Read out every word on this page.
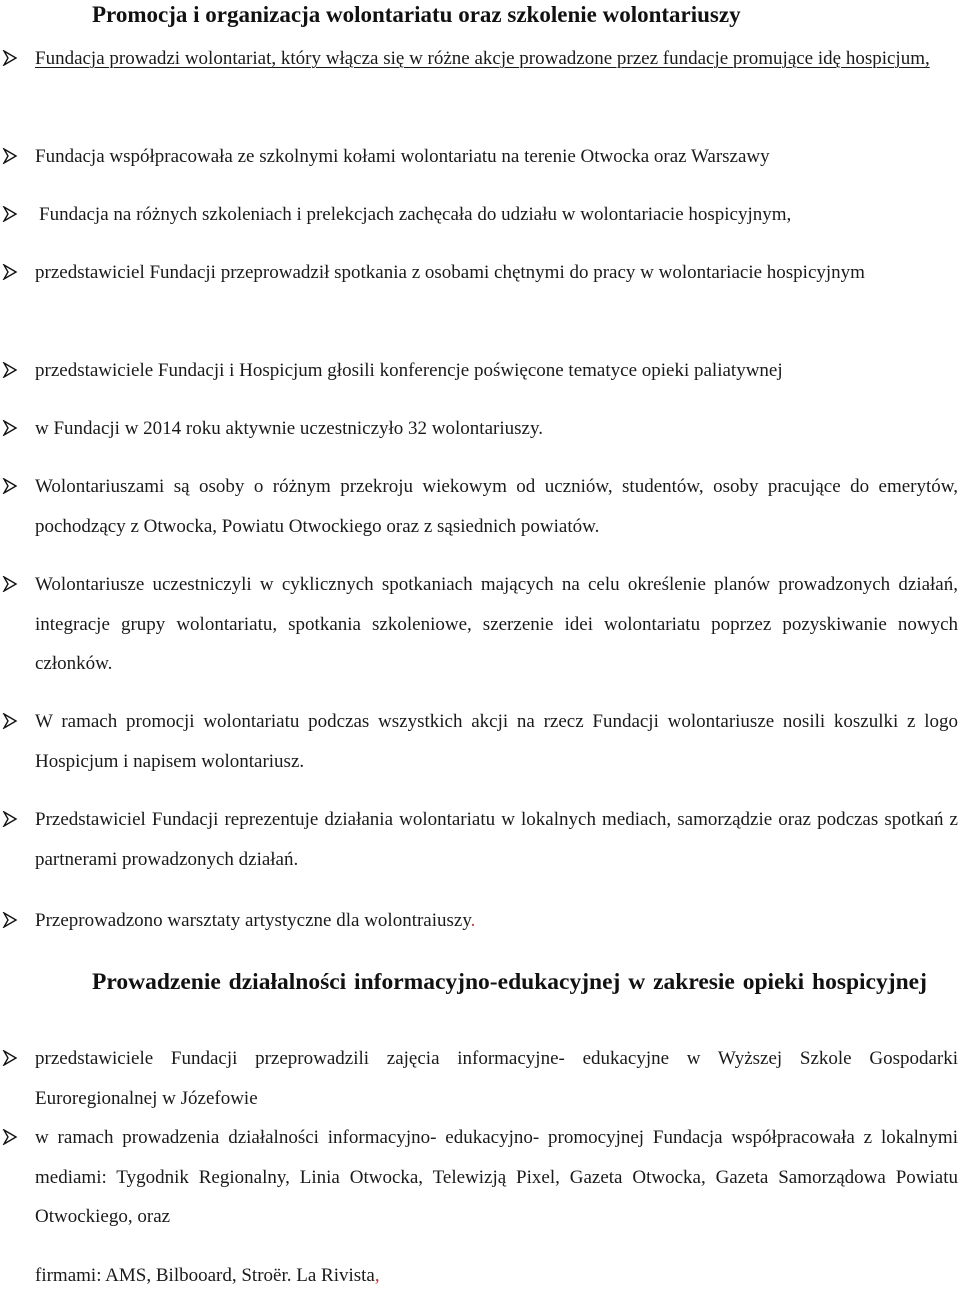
Promocja i organizacja wolontariatu oraz szkolenie wolontariuszy
Fundacja prowadzi wolontariat, który włącza się w różne akcje prowadzone przez fundacje promujące idę hospicjum,
Fundacja współpracowała ze szkolnymi kołami wolontariatu na terenie Otwocka oraz Warszawy
Fundacja na różnych szkoleniach i prelekcjach zachęcała do udziału w wolontariacie hospicyjnym,
przedstawiciel Fundacji przeprowadził spotkania z osobami chętnymi do pracy w wolontariacie hospicyjnym
przedstawiciele Fundacji i Hospicjum głosili konferencje poświęcone tematyce opieki paliatywnej
w Fundacji w 2014 roku aktywnie uczestniczyło 32 wolontariuszy.
Wolontariuszami są osoby o różnym przekroju wiekowym od uczniów, studentów, osoby pracujące do emerytów, pochodzący z Otwocka, Powiatu Otwockiego oraz z sąsiednich powiatów.
Wolontariusze uczestniczyli w cyklicznych spotkaniach mających na celu określenie planów prowadzonych działań, integracje grupy wolontariatu, spotkania szkoleniowe, szerzenie idei wolontariatu poprzez pozyskiwanie nowych członków.
W ramach promocji wolontariatu podczas wszystkich akcji na rzecz Fundacji wolontariusze nosili koszulki z logo Hospicjum i napisem wolontariusz.
Przedstawiciel Fundacji reprezentuje działania wolontariatu w lokalnych mediach, samorządzie oraz podczas spotkań z partnerami prowadzonych działań.
Przeprowadzono warsztaty artystyczne dla wolontraiuszy.
Prowadzenie działalności informacyjno-edukacyjnej w zakresie opieki hospicyjnej
przedstawiciele Fundacji przeprowadzili zajęcia informacyjne- edukacyjne w Wyższej Szkole Gospodarki Euroregionalnej w Józefowie
w ramach prowadzenia działalności informacyjno- edukacyjno- promocyjnej Fundacja współpracowała z lokalnymi mediami: Tygodnik Regionalny, Linia Otwocka, Telewizją Pixel, Gazeta Otwocka, Gazeta Samorządowa Powiatu Otwockiego, oraz
firmami: AMS, Bilbooard, Stroër. La Rivista,
